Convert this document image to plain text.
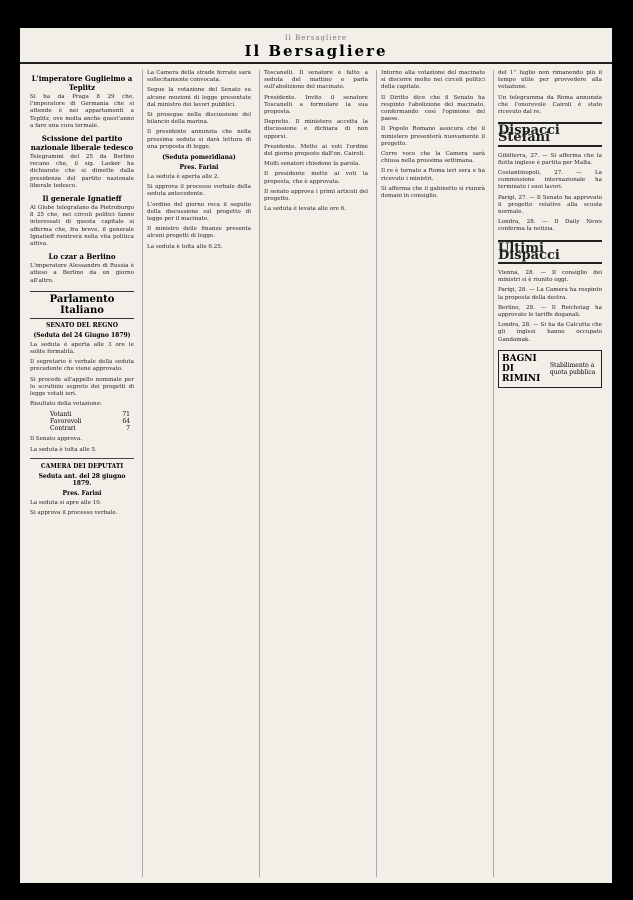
Il Bersagliere
Il Bersagliere
L'imperatore Guglielmo a Teplitz

Si ha da Praga 8 29 che, l'imperatore di Germania che si attende è nei appartamenti a Teplitz, ove molta anche quest'anno a fare una cura termale.

Scissione del partito nazionale liberale tedesco

Telegrammi del 25 da Berlino recano che, il sig. Lasker ha dichiarato che si dimette dalla presidenza del partito nazionale liberale tedesco.

Il generale Ignatieff

Al Globe telegrafano da Pietroburgo 8 25 che, nei circoli politici fanno interessati di questa capitale si afferma che, fra breve, il generale Ignatieff rientrerà nella vita politica attiva.

Lo czar a Berlino

L'imperatore Alessandro di Russia è atteso a Berlino da un giorno all'altro.

Parlamento Italiano
SENATO DEL REGNO
(Seduta del 24 Giugno 1879)

La seduta è aperta alle 3 ore le solite formalità.

Il segretario è verbale della seduta precedente che viene approvato.

Si procede all'appello nominale per lo scrutinio segreto dei progetti di legge votati ieri.

Risultato della votazione:

Votanti	71
Favorevoli	64
Contrari	7

Il Senato approva.

La seduta è tolta alle 5.

CAMERA DEI DEPUTATI
Seduta ant. del 28 giugno 1879.
Pres. Farini

La seduta si apre alle 10.

Si approva il processo verbale.

La Camera della strade ferrate sarà sollecitamente convocata.

Segue la votazione del Senato su alcune mozioni di legge presentate dal ministro dei lavori pubblici.

Si prosegue nella discussione del bilancio della marina.

Il presidente annunzia che nella prossima seduta si darà lettura di una proposta di legge.

(Seduta pomeridiana)
Pres. Farini

La seduta è aperta alle 2.

Si approva il processo verbale della seduta antecedente.

L'ordine del giorno reca il seguito della discussione sul progetto di legge per il macinato.

Il ministro delle finanze presenta alcuni progetti di legge.

La seduta è tolta alle 6.25.

Toscanelli. Il senatore è fatto a seduta del mattino e parla sull'abolizione del macinato.

Presidente. Invito il senatore Toscanelli a formulare la sua proposta.

Depretis. Il ministero accetta la discussione e dichiara di non opporsi.

Presidente. Metto ai voti l'ordine del giorno proposto dall'on. Cairoli.

Molti senatori chiedono la parola.

Il presidente mette ai voti la proposta, che è approvata.

Il senato approva i primi articoli del progetto.

La seduta è levata alle ore 6.

Intorno alla votazione del macinato si discorre molto nei circoli politici della capitale.

Il Diritto dice che il Senato ha respinto l'abolizione del macinato, confermando così l'opinione del paese.

Il Popolo Romano assicura che il ministero presenterà nuovamente il progetto.

Corre voce che la Camera sarà chiusa nella prossima settimana.

Il re è tornato a Roma ieri sera e ha ricevuto i ministri.

Si afferma che il gabinetto si riunirà domani in consiglio.

del 1° luglio non rimanendo più il tempo utile per provvedere alla votazione.

Un telegramma da Roma annunzia che l'onorevole Cairoli è stato ricevuto dal re.

Dispacci Stefani

Gibilterra, 27. — Si afferma che la flotta inglese è partita per Malta.

Costantinopoli, 27. — La commissione internazionale ha terminato i suoi lavori.

Parigi, 27. — Il Senato ha approvato il progetto relativo alla scuola normale.

Londra, 28. — Il Daily News conferma la notizia.

Ultimi Dispacci

Vienna, 28. — Il consiglio dei ministri si è riunito oggi.

Parigi, 28. — La Camera ha respinto la proposta della destra.

Berlino, 28. — Il Reichstag ha approvato le tariffe doganali.

Londra, 28. — Si ha da Calcutta che gli inglesi hanno occupato Gandamak.

BAGNI DI RIMINI
Stabilimento a quota pubblica
